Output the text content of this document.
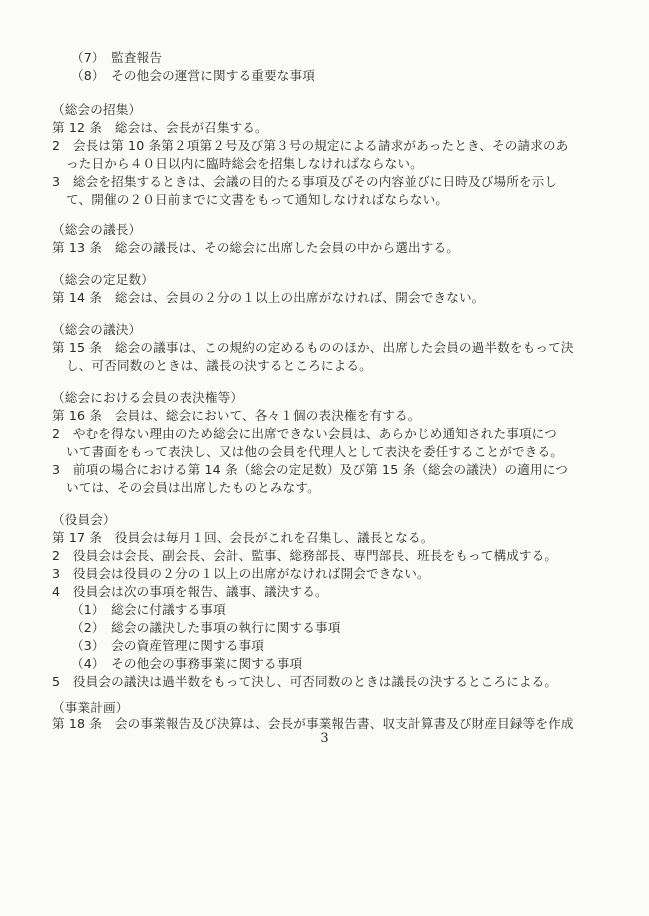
（7）　監査報告
（8）　その他会の運営に関する重要な事項
（総会の招集）
第 12 条　総会は、会長が召集する。
2　会長は第 10 条第２項第２号及び第３号の規定による請求があったとき、その請求のあ
った日から４０日以内に臨時総会を招集しなければならない。
3　総会を招集するときは、会議の目的たる事項及びその内容並びに日時及び場所を示し
て、開催の２０日前までに文書をもって通知しなければならない。
（総会の議長）
第 13 条　総会の議長は、その総会に出席した会員の中から選出する。
（総会の定足数）
第 14 条　総会は、会員の２分の１以上の出席がなければ、開会できない。
（総会の議決）
第 15 条　総会の議事は、この規約の定めるもののほか、出席した会員の過半数をもって決
し、可否同数のときは、議長の決するところによる。
（総会における会員の表決権等）
第 16 条　会員は、総会において、各々１個の表決権を有する。
2　やむを得ない理由のため総会に出席できない会員は、あらかじめ通知された事項につ
いて書面をもって表決し、又は他の会員を代理人として表決を委任することができる。
3　前項の場合における第 14 条（総会の定足数）及び第 15 条（総会の議決）の適用につ
いては、その会員は出席したものとみなす。
（役員会）
第 17 条　役員会は毎月１回、会長がこれを召集し、議長となる。
2　役員会は会長、副会長、会計、監事、総務部長、専門部長、班長をもって構成する。
3　役員会は役員の２分の１以上の出席がなければ開会できない。
4　役員会は次の事項を報告、議事、議決する。
（1）　総会に付議する事項
（2）　総会の議決した事項の執行に関する事項
（3）　会の資産管理に関する事項
（4）　その他会の事務事業に関する事項
5　役員会の議決は過半数をもって決し、可否同数のときは議長の決するところによる。
（事業計画）
第 18 条　会の事業報告及び決算は、会長が事業報告書、収支計算書及び財産目録等を作成
3
